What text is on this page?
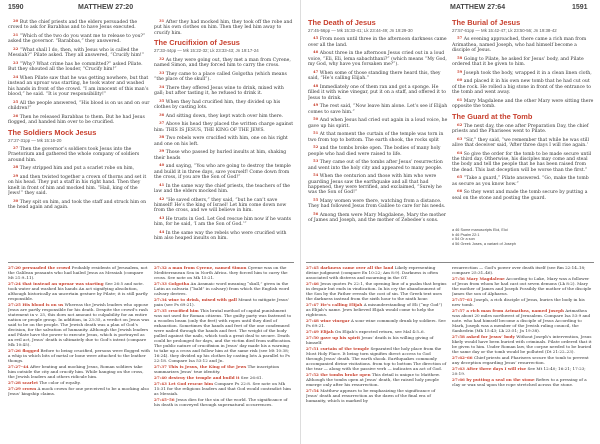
1590	MATTHEW 27:20

$^{20}$ But the chief priests and the elders persuaded the crowd to ask for Barabbas and to have Jesus executed.

$^{21}$ “Which of the two do you want me to release to you?” asked the governor. “Barabbas,” they answered.

$^{22}$ “What shall I do, then, with Jesus who is called the Messiah?” Pilate asked. They all answered, “Crucify him!”

$^{23}$ “Why? What crime has he committed?” asked Pilate. But they shouted all the louder, “Crucify him!”

$^{24}$ When Pilate saw that he was getting nowhere, but that instead an uproar was starting, he took water and washed his hands in front of the crowd. “I am innocent of this man’s blood,” he said. “It is your responsibility!”

$^{25}$ All the people answered, “His blood is on us and on our children!”

$^{26}$ Then he released Barabbas to them. But he had Jesus flogged, and handed him over to be crucified.

The Soldiers Mock Jesus
27:27-31pp — Mk 15:16-20

$^{27}$ Then the governor’s soldiers took Jesus into the Praetorium and gathered the whole company of soldiers around him.

$^{28}$ They stripped him and put a scarlet robe on him,

$^{29}$ and then twisted together a crown of thorns and set it on his head. They put a staff in his right hand. Then they knelt in front of him and mocked him. “Hail, king of the Jews!” they said.

$^{30}$ They spit on him, and took the staff and struck him on the head again and again.

$^{31}$ After they had mocked him, they took off the robe and put his own clothes on him. Then they led him away to crucify him.

The Crucifixion of Jesus
27:33-44pp — Mk 15:22-32; Lk 23:33-43; Jn 19:17-24

$^{32}$ As they were going out, they met a man from Cyrene, named Simon, and they forced him to carry the cross.

$^{33}$ They came to a place called Golgotha (which means “the place of the skull”).

$^{34}$ There they offered Jesus wine to drink, mixed with gall; but after tasting it, he refused to drink it.

$^{35}$ When they had crucified him, they divided up his clothes by casting lots.

$^{36}$ And sitting down, they kept watch over him there.

$^{37}$ Above his head they placed the written charge against him: THIS IS JESUS, THE KING OF THE JEWS.

$^{38}$ Two rebels were crucified with him, one on his right and one on his left.

$^{39}$ Those who passed by hurled insults at him, shaking their heads

$^{40}$ and saying, “You who are going to destroy the temple and build it in three days, save yourself! Come down from the cross, if you are the Son of God!”

$^{41}$ In the same way the chief priests, the teachers of the law and the elders mocked him.

$^{42}$ “He saved others,” they said, “but he can’t save himself! He’s the king of Israel! Let him come down now from the cross, and we will believe in him.

$^{43}$ He trusts in God. Let God rescue him now if he wants him, for he said, ‘I am the Son of God.’”

$^{44}$ In the same way the rebels who were crucified with him also heaped insults on him.

27:20 persuaded the crowd Probably residents of Jerusalem, not the Galilean peasants who had hailed Jesus as Messiah (compare Mt 21:9–11).

27:24 that instead an uproar was starting See 26:5 and note. took water and washed his hands An act signifying absolution, although historically an uncertain gesture by Pilate; it is still partly responsible.

27:25 His blood is on us Whereas the Jewish leaders who oppose Jesus are partly responsible for his death. Despite the crowd’s rash statement in v. 25, this does not amount to culpability for an entire nation or people group. In addition, in 23:35, a verdict on Jesus was said to be on the people. The Jewish death was a plan of God’s decision, for the salvation of humanity. Although the Jewish leaders and Pilate have the power to execute Jesus, which is portrayed as an evil act, Jesus’ death is ultimately due to God’s intent (compare Mk 10:45).

27:26 flogged Before to being crucified, persons were flogged with a whip in which bits of metal or bone were attached to the leather thongs.

27:27–44 After beating and mocking Jesus, Roman soldiers take him outside the city and crucify him. While hanging on the cross, the Jewish leaders and others ridicule him.

27:28 scarlet The color of royalty.

27:29 crown A mock crown for one perceived to be a mocking also Jesus’ kingship claims.

27:32 a man from Cyrene, named Simon Cyrene was on the Mediterranean Sea in North Africa. they forced him to carry the cross. See note on Mk 15:21.

27:33 Golgotha An Aramaic word meaning “skull,” given in the Latin as calvaria (“bald” in calvary) from which the English word calvary derives.

27:34 wine to drink, mixed with gall Meant to mitigate Jesus’ pain (see Ps 69:21).

27:35 crucified him This brutal method of capital punishment was not used for Roman citizens. The guilty party was fastened to a wooden beam (only the feet) with ropes until they died of exhaustion. Sometimes the hands and feet of the one condemned were nailed through the hands and feet. The weight of the body pulled against the nails, which took a great deal to secure. Death could be prolonged for days, and the victim died from suffocation. The public nature of crucifixion in Jesus’ day made his a warning to take up a cross and follow him at the same risk (see Mt 10:38; 16:24). they divided up his clothes by casting lots A parallel to Ps 22:18. Compare Isa 53:12 and Jn.

27:37 This is Jesus, the King of the Jews The inscription summarizes Jesus’ true identity.

27:40 destroy the temple and build it See 26:61.

27:43 Let God rescue him Compare Ps 22:8. See note on Mk 15:31 for the religious leaders and that God would contradict him as Messiah.

27:45–56 Jesus dies for the sin of the world. The significance of his death is conveyed through supernatural occurrences.

MATTHEW 27:64	1591
The Death of Jesus
27:45-56pp — Mk 15:33-41; Lk 23:44-49; Jn 19:29-30

$^{45}$ From noon until three in the afternoon darkness came over all the land.

$^{46}$ About three in the afternoon Jesus cried out in a loud voice, “Eli, Eli, lema sabachthani?” (which means “My God, my God, why have you forsaken me?”).

$^{47}$ When some of those standing there heard this, they said, “He’s calling Elijah.”

$^{48}$ Immediately one of them ran and got a sponge. He filled it with wine vinegar, put it on a staff, and offered it to Jesus to drink.

$^{49}$ The rest said, “Now leave him alone. Let’s see if Elijah comes to save him.”

$^{50}$ And when Jesus had cried out again in a loud voice, he gave up his spirit.

$^{51}$ At that moment the curtain of the temple was torn in two from top to bottom. The earth shook, the rocks split

$^{52}$ and the tombs broke open. The bodies of many holy people who had died were raised to life.

$^{53}$ They came out of the tombs after Jesus’ resurrection and went into the holy city and appeared to many people.

$^{54}$ When the centurion and those with him who were guarding Jesus saw the earthquake and all that had happened, they were terrified, and exclaimed, “Surely he was the Son of God!”

$^{55}$ Many women were there, watching from a distance. They had followed Jesus from Galilee to care for his needs.

$^{56}$ Among them were Mary Magdalene, Mary the mother of James and Joseph, and the mother of Zebedee’s sons.

The Burial of Jesus
27:57-61pp — Mk 15:42-47; Lk 23:50-56; Jn 19:38-42

$^{57}$ As evening approached, there came a rich man from Arimathea, named Joseph, who had himself become a disciple of Jesus.

$^{58}$ Going to Pilate, he asked for Jesus’ body, and Pilate ordered that it be given to him.

$^{59}$ Joseph took the body, wrapped it in a clean linen cloth,

$^{60}$ and placed it in his own new tomb that he had cut out of the rock. He rolled a big stone in front of the entrance to the tomb and went away.

$^{61}$ Mary Magdalene and the other Mary were sitting there opposite the tomb.

The Guard at the Tomb

$^{62}$ The next day, the one after Preparation Day, the chief priests and the Pharisees went to Pilate.

$^{63}$ “Sir,” they said, “we remember that while he was still alive that deceiver said, ‘After three days I will rise again.’

$^{64}$ So give the order for the tomb to be made secure until the third day. Otherwise, his disciples may come and steal the body and tell the people that he has been raised from the dead. This last deception will be worse than the first.”

$^{65}$ “Take a guard,” Pilate answered. “Go, make the tomb as secure as you know how.”

$^{66}$ So they went and made the tomb secure by putting a seal on the stone and posting the guard.

a 46 Some manuscripts Eloi, Eloi
b 46 Psalm 22:1
c 54 Or a son
d 56 Greek Joses, a variant of Joseph

27:45 darkness came over all the land Likely representing divine judgment (compare Ex 10:22; Am 8:9). Darkness is often associated with distress and mourning in the OT.

27:46 Jesus quotes Ps 22:1, the opening line of a psalm that begins in despair but ends in vindication. In his cry the abandonment of the Son by the Father reveals the cost of sin. The Greek text uses the darkness instead from the sixth hour to the ninth hour.

27:47 He’s calling Elijah A misunderstanding of Eli (“my God”) as Elijah’s name. Jews believed Elijah would come to help the righteous.

27:48 wine vinegar A sour wine commonly drunk by soldiers. See Ps 69:21.

27:49 Elijah On Elijah’s expected return, see Mal 4:5–6.

27:50 gave up his spirit Jesus’ death is his willing giving of himself.

27:51 curtain of the temple Separated the holy place from the Most Holy Place. It being torn signifies direct access to God through Jesus’ death. The earth shook. Earthquakes commonly accompanied divine visitations. from top to bottom The direction of the tear — along with the passive verb — indicates an act of God.

27:52 the tombs broke open This detail is unique to Matthew. Although the tombs open at Jesus’ death, the raised holy people emerge only after his resurrection.

27:54 Matthew appears to be emphasizing the significance of Jesus’ death and resurrection as the dawn of the final era of humanity, which is marked by

resurrection — God’s power over death itself (see Rm 22:14–18; compare 25:31–46).

27:56 Mary Magdalene According to Luke, Mary was a follower of Jesus from whom he had cast out seven demons (Lk 8:2). Mary the mother of James and Joseph Possibly the mother of the disciple James the son of Alphaeus.

27:57–61 Joseph, a rich disciple of Jesus, buries the body in his new tomb.

27:57 a rich man from Arimathea, named Joseph Arimathea was about 20 miles northwest of Jerusalem. Compare Isa 53:9 and note. who had himself become a disciple of Jesus According to Mark, Joseph was a member of the Jewish ruling council, the Sanhedrin (Mk 15:43; Lk 23:51; Jn 19:38).

27:58 asked for Jesus’ body Without Joseph’s intervention, Jesus likely would have been buried with criminals. Pilate ordered that it be given to him. Under Roman law, the corpse needed to be buried the same day or the tomb would be polluted (Dt 21:22–23).

27:62–66 Chief priests and Pharisees secure the tomb to prevent any deception regarding Jesus’ resurrection.

27:63 After three days I will rise See Mt 12:40; 16:21; 17:23; 20:19.

27:66 by putting a seal on the stone Refers to a pressing of a clay or wax seal upon the rope stretched across the stone.
